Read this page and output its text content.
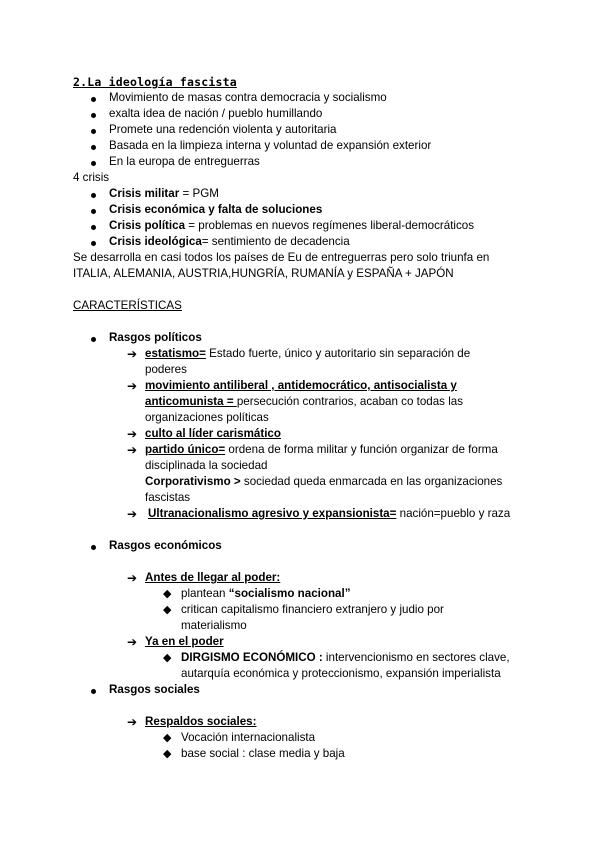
2.La ideología fascista
Movimiento de masas contra democracia y socialismo
exalta idea de nación / pueblo humillando
Promete una redención violenta y autoritaria
Basada en la limpieza interna y voluntad de expansión exterior
En la europa de entreguerras
4 crisis
Crisis militar = PGM
Crisis económica y falta de soluciones
Crisis política = problemas en nuevos regímenes liberal-democráticos
Crisis ideológica= sentimiento de decadencia
Se desarrolla en casi todos los países de Eu de entreguerras pero solo triunfa en
ITALIA, ALEMANIA, AUSTRIA,HUNGRÍA, RUMANÍA y ESPAÑA + JAPÓN
CARACTERÍSTICAS
Rasgos políticos
➔ estatismo= Estado fuerte, único y autoritario sin separación de
poderes
➔ movimiento antiliberal , antidemocrático, antisocialista y
anticomunista = persecución contrarios, acaban co todas las
organizaciones políticas
➔ culto al líder carismático
➔ partido único= ordena de forma militar y función organizar de forma
disciplinada la sociedad
Corporativismo > sociedad queda enmarcada en las organizaciones
fascistas
➔ Ultranacionalismo agresivo y expansionista= nación=pueblo y raza
Rasgos económicos
➔ Antes de llegar al poder:
◆ plantean “socialismo nacional”
◆ critican capitalismo financiero extranjero y judio por
materialismo
➔ Ya en el poder
◆ DIRGISMO ECONÓMICO : intervencionismo en sectores clave,
autarquía económica y proteccionismo, expansión imperialista
Rasgos sociales
➔ Respaldos sociales:
◆ Vocación internacionalista
◆ base social : clase media y baja
